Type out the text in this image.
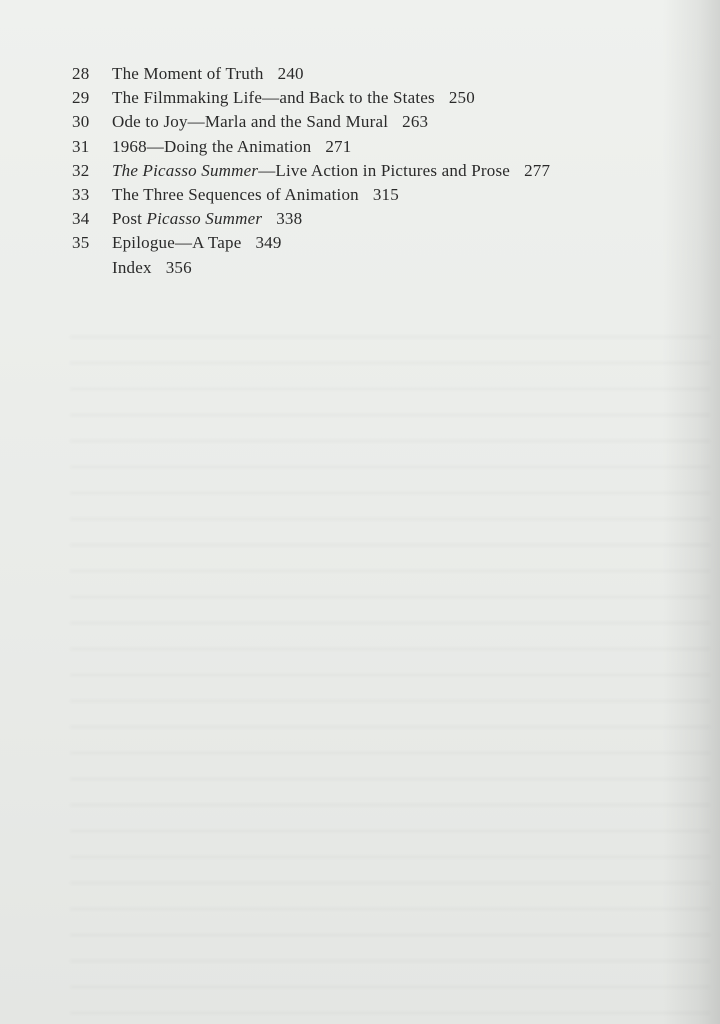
28	The Moment of Truth 240
29	The Filmmaking Life—and Back to the States 250
30	Ode to Joy—Marla and the Sand Mural 263
31	1968—Doing the Animation 271
32	The Picasso Summer—Live Action in Pictures and Prose 277
33	The Three Sequences of Animation 315
34	Post Picasso Summer 338
35	Epilogue—A Tape 349
Index 356
